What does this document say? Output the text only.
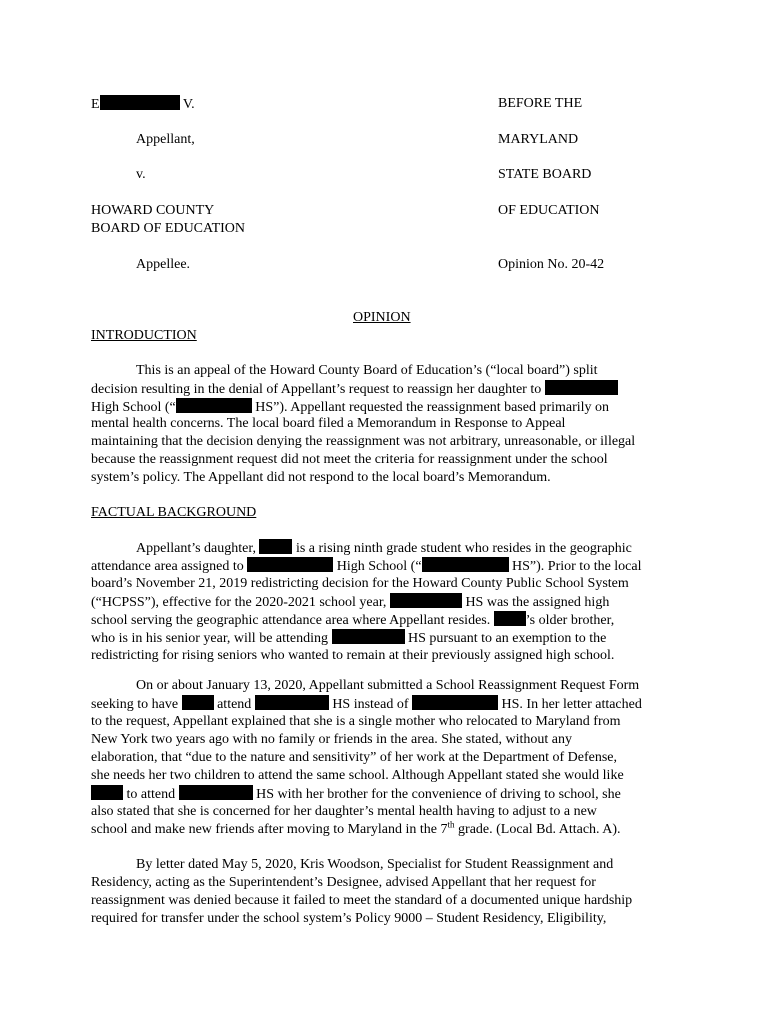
E	V.
Appellant,
v.
HOWARD COUNTY
BOARD OF EDUCATION
Appellee.
BEFORE THE
MARYLAND
STATE BOARD
OF EDUCATION
Opinion No. 20-42
OPINION
INTRODUCTION
This is an appeal of the Howard County Board of Education’s (“local board”) split
decision resulting in the denial of Appellant’s request to reassign her daughter to
High School (“	HS”). Appellant requested the reassignment based primarily on
mental health concerns. The local board filed a Memorandum in Response to Appeal
maintaining that the decision denying the reassignment was not arbitrary, unreasonable, or illegal
because the reassignment request did not meet the criteria for reassignment under the school
system’s policy. The Appellant did not respond to the local board’s Memorandum.
FACTUAL BACKGROUND
Appellant’s daughter,	is a rising ninth grade student who resides in the geographic
attendance area assigned to	High School (“	HS”). Prior to the local
board’s November 21, 2019 redistricting decision for the Howard County Public School System
(“HCPSS”), effective for the 2020-2021 school year,	HS was the assigned high
school serving the geographic attendance area where Appellant resides.	’s older brother,
who is in his senior year, will be attending	HS pursuant to an exemption to the
redistricting for rising seniors who wanted to remain at their previously assigned high school.
On or about January 13, 2020, Appellant submitted a School Reassignment Request Form
seeking to have	attend	HS instead of	HS. In her letter attached
to the request, Appellant explained that she is a single mother who relocated to Maryland from
New York two years ago with no family or friends in the area. She stated, without any
elaboration, that “due to the nature and sensitivity” of her work at the Department of Defense,
she needs her two children to attend the same school. Although Appellant stated she would like
to attend	HS with her brother for the convenience of driving to school, she
also stated that she is concerned for her daughter’s mental health having to adjust to a new
school and make new friends after moving to Maryland in the 7th grade. (Local Bd. Attach. A).
By letter dated May 5, 2020, Kris Woodson, Specialist for Student Reassignment and
Residency, acting as the Superintendent’s Designee, advised Appellant that her request for
reassignment was denied because it failed to meet the standard of a documented unique hardship
required for transfer under the school system’s Policy 9000 – Student Residency, Eligibility,
